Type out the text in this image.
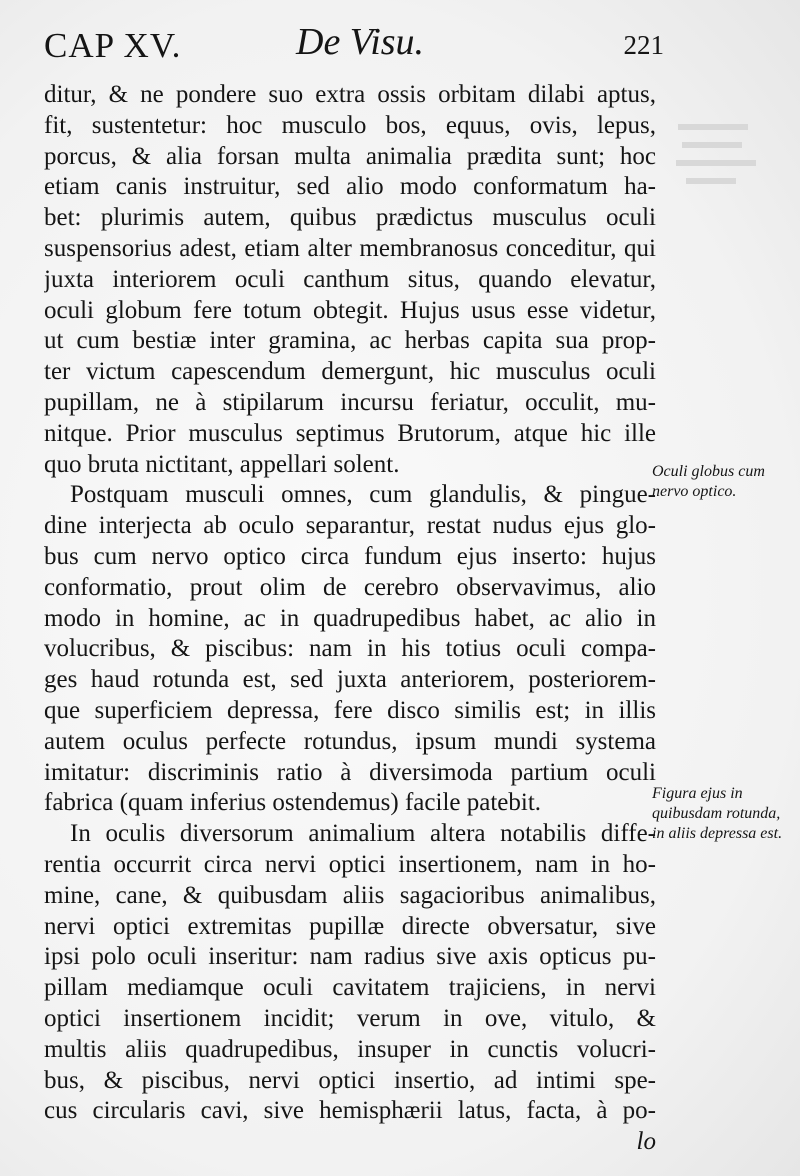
CAP XV.	De Visu.	221
ditur, & ne pondere suo extra ossis orbitam dilabi aptus,
fit, sustentetur: hoc musculo bos, equus, ovis, lepus,
porcus, & alia forsan multa animalia prædita sunt; hoc
etiam canis instruitur, sed alio modo conformatum ha-
bet: plurimis autem, quibus prædictus musculus oculi
suspensorius adest, etiam alter membranosus conceditur, qui
juxta interiorem oculi canthum situs, quando elevatur,
oculi globum fere totum obtegit. Hujus usus esse videtur,
ut cum bestiæ inter gramina, ac herbas capita sua prop-
ter victum capescendum demergunt, hic musculus oculi
pupillam, ne à stipilarum incursu feriatur, occulit, mu-
nitque. Prior musculus septimus Brutorum, atque hic ille
quo bruta nictitant, appellari solent.
Postquam musculi omnes, cum glandulis, & pingue-
dine interjecta ab oculo separantur, restat nudus ejus glo-
bus cum nervo optico circa fundum ejus inserto: hujus
conformatio, prout olim de cerebro observavimus, alio
modo in homine, ac in quadrupedibus habet, ac alio in
volucribus, & piscibus: nam in his totius oculi compa-
ges haud rotunda est, sed juxta anteriorem, posteriorem-
que superficiem depressa, fere disco similis est; in illis
autem oculus perfecte rotundus, ipsum mundi systema
imitatur: discriminis ratio à diversimoda partium oculi
fabrica (quam inferius ostendemus) facile patebit.
In oculis diversorum animalium altera notabilis diffe-
rentia occurrit circa nervi optici insertionem, nam in ho-
mine, cane, & quibusdam aliis sagacioribus animalibus,
nervi optici extremitas pupillæ directe obversatur, sive
ipsi polo oculi inseritur: nam radius sive axis opticus pu-
pillam mediamque oculi cavitatem trajiciens, in nervi
optici insertionem incidit; verum in ove, vitulo, &
multis aliis quadrupedibus, insuper in cunctis volucri-
bus, & piscibus, nervi optici insertio, ad intimi spe-
cus circularis cavi, sive hemisphærii latus, facta, à po-
lo
Oculi globus cum nervo optico.
Figura ejus in quibusdam rotunda, in aliis depressa est.
